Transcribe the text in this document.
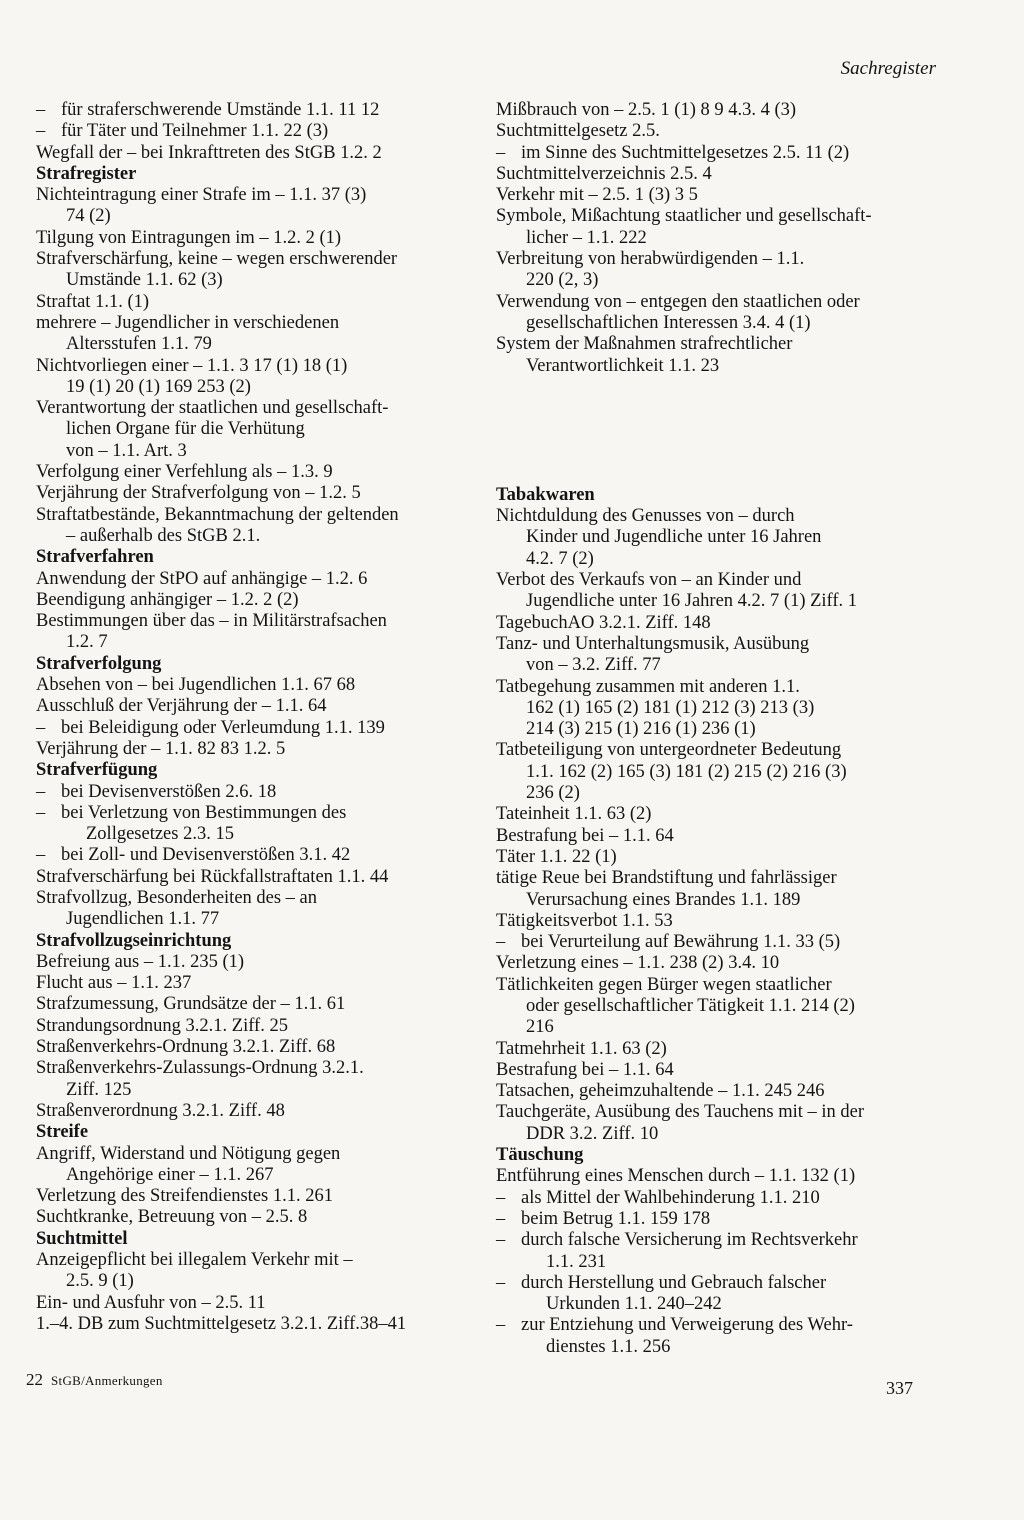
Sachregister
– für straferschwerende Umstände 1.1. 11 12
– für Täter und Teilnehmer 1.1. 22 (3)
Wegfall der – bei Inkrafttreten des StGB 1.2. 2
Strafregister
Nichteintragung einer Strafe im – 1.1. 37 (3)
74 (2)
Tilgung von Eintragungen im – 1.2. 2 (1)
Strafverschärfung, keine – wegen erschwerender
Umstände 1.1. 62 (3)
Straftat 1.1. (1)
mehrere – Jugendlicher in verschiedenen
Altersstufen 1.1. 79
Nichtvorliegen einer – 1.1. 3 17 (1) 18 (1)
19 (1) 20 (1) 169 253 (2)
Verantwortung der staatlichen und gesellschaft-
lichen Organe für die Verhütung
von – 1.1. Art. 3
Verfolgung einer Verfehlung als – 1.3. 9
Verjährung der Strafverfolgung von – 1.2. 5
Straftatbestände, Bekanntmachung der geltenden
– außerhalb des StGB 2.1.
Strafverfahren
Anwendung der StPO auf anhängige – 1.2. 6
Beendigung anhängiger – 1.2. 2 (2)
Bestimmungen über das – in Militärstrafsachen
1.2. 7
Strafverfolgung
Absehen von – bei Jugendlichen 1.1. 67 68
Ausschluß der Verjährung der – 1.1. 64
– bei Beleidigung oder Verleumdung 1.1. 139
Verjährung der – 1.1. 82 83 1.2. 5
Strafverfügung
– bei Devisenverstößen 2.6. 18
– bei Verletzung von Bestimmungen des
Zollgesetzes 2.3. 15
– bei Zoll- und Devisenverstößen 3.1. 42
Strafverschärfung bei Rückfallstraftaten 1.1. 44
Strafvollzug, Besonderheiten des – an
Jugendlichen 1.1. 77
Strafvollzugseinrichtung
Befreiung aus – 1.1. 235 (1)
Flucht aus – 1.1. 237
Strafzumessung, Grundsätze der – 1.1. 61
Strandungsordnung 3.2.1. Ziff. 25
Straßenverkehrs-Ordnung 3.2.1. Ziff. 68
Straßenverkehrs-Zulassungs-Ordnung 3.2.1.
Ziff. 125
Straßenverordnung 3.2.1. Ziff. 48
Streife
Angriff, Widerstand und Nötigung gegen
Angehörige einer – 1.1. 267
Verletzung des Streifendienstes 1.1. 261
Suchtkranke, Betreuung von – 2.5. 8
Suchtmittel
Anzeigepflicht bei illegalem Verkehr mit –
2.5. 9 (1)
Ein- und Ausfuhr von – 2.5. 11
1.–4. DB zum Suchtmittelgesetz 3.2.1. Ziff.38–41
Mißbrauch von – 2.5. 1 (1) 8 9 4.3. 4 (3)
Suchtmittelgesetz 2.5.
– im Sinne des Suchtmittelgesetzes 2.5. 11 (2)
Suchtmittelverzeichnis 2.5. 4
Verkehr mit – 2.5. 1 (3) 3 5
Symbole, Mißachtung staatlicher und gesellschaft-
licher – 1.1. 222
Verbreitung von herabwürdigenden – 1.1.
220 (2, 3)
Verwendung von – entgegen den staatlichen oder
gesellschaftlichen Interessen 3.4. 4 (1)
System der Maßnahmen strafrechtlicher
Verantwortlichkeit 1.1. 23
Tabakwaren
Nichtduldung des Genusses von – durch
Kinder und Jugendliche unter 16 Jahren
4.2. 7 (2)
Verbot des Verkaufs von – an Kinder und
Jugendliche unter 16 Jahren 4.2. 7 (1) Ziff. 1
TagebuchAO 3.2.1. Ziff. 148
Tanz- und Unterhaltungsmusik, Ausübung
von – 3.2. Ziff. 77
Tatbegehung zusammen mit anderen 1.1.
162 (1) 165 (2) 181 (1) 212 (3) 213 (3)
214 (3) 215 (1) 216 (1) 236 (1)
Tatbeteiligung von untergeordneter Bedeutung
1.1. 162 (2) 165 (3) 181 (2) 215 (2) 216 (3)
236 (2)
Tateinheit 1.1. 63 (2)
Bestrafung bei – 1.1. 64
Täter 1.1. 22 (1)
tätige Reue bei Brandstiftung und fahrlässiger
Verursachung eines Brandes 1.1. 189
Tätigkeitsverbot 1.1. 53
– bei Verurteilung auf Bewährung 1.1. 33 (5)
Verletzung eines – 1.1. 238 (2) 3.4. 10
Tätlichkeiten gegen Bürger wegen staatlicher
oder gesellschaftlicher Tätigkeit 1.1. 214 (2)
216
Tatmehrheit 1.1. 63 (2)
Bestrafung bei – 1.1. 64
Tatsachen, geheimzuhaltende – 1.1. 245 246
Tauchgeräte, Ausübung des Tauchens mit – in der
DDR 3.2. Ziff. 10
Täuschung
Entführung eines Menschen durch – 1.1. 132 (1)
– als Mittel der Wahlbehinderung 1.1. 210
– beim Betrug 1.1. 159 178
– durch falsche Versicherung im Rechtsverkehr
1.1. 231
– durch Herstellung und Gebrauch falscher
Urkunden 1.1. 240–242
– zur Entziehung und Verweigerung des Wehr-
dienstes 1.1. 256
22 StGB/Anmerkungen	337
